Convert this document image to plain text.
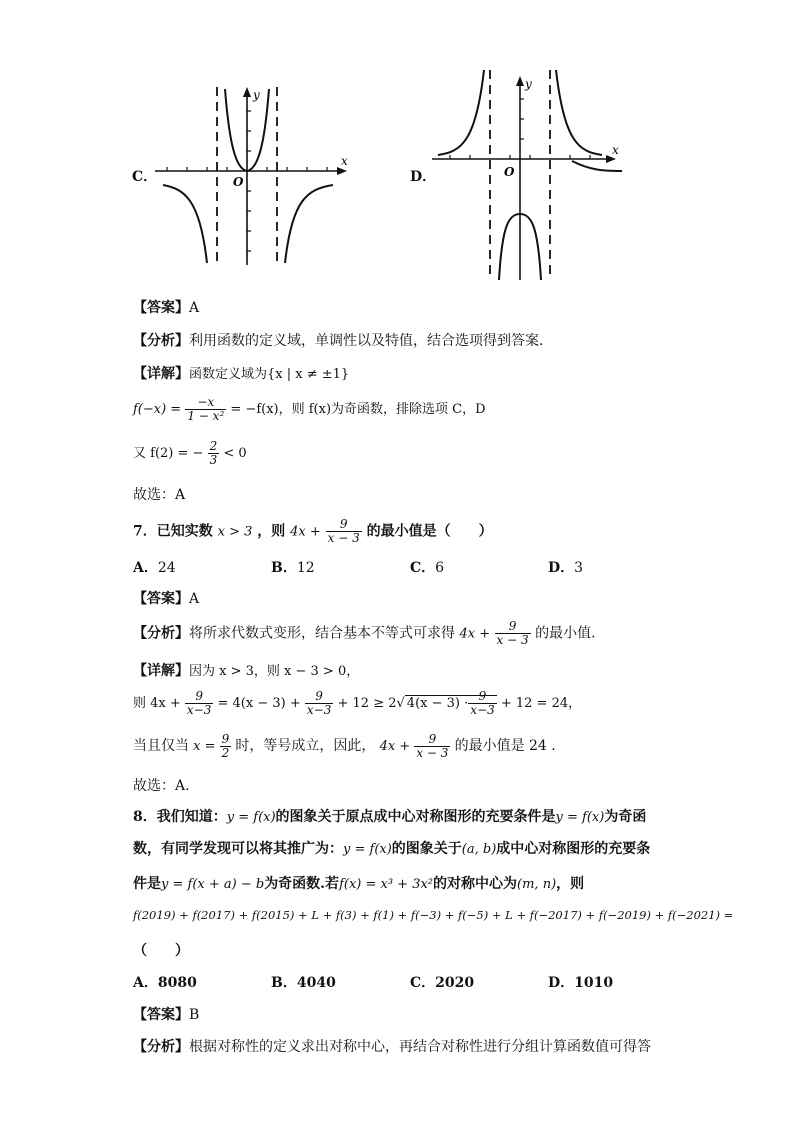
C．
x
y
O	D．
x
y
O
【答案】A
【分析】利用函数的定义域，单调性以及特值，结合选项得到答案．
【详解】函数定义域为{x | x ≠ ±1}
$f(-x) = \frac{-x}{\text{1 − x²}} = -f(x)$，则 f(x)为奇函数，排除选项 C，D
又 f(2) = − $\frac{2}{3} < 0$
故选：A
7．已知实数 x > 3 ，则 $4x + \frac{9}{x - 3}$ 的最小值是（　　）
A．24	B．12	C．6	D．3
【答案】A
【分析】将所求代数式变形，结合基本不等式可求得 $4x + \frac{9}{x - 3}$ 的最小值.
【详解】因为 x > 3，则 x − 3 > 0，
则 $4x + \frac{9}{x-3} = 4(x - 3) + \frac{9}{x-3} + 12 \ge 2√$ $4(x - 3) \cdot \frac{9}{x-3} + 12 = 24$，
当且仅当 $x = \frac{9}{2}$ 时，等号成立，因此， $4x + \frac{9}{x - 3}$ 的最小值是 24 .
故选：A.
8．我们知道：y = f(x)的图象关于原点成中心对称图形的充要条件是y = f(x)为奇函
数，有同学发现可以将其推广为：y = f(x)的图象关于(a, b)成中心对称图形的充要条
件是y = f(x + a) − b为奇函数.若f(x) = x³ + 3x²的对称中心为(m, n)，则
f(2019) + f(2017) + f(2015) + L + f(3) + f(1) + f(−3) + f(−5) + L + f(−2017) + f(−2019) + f(−2021) =
（　　）
A．8080	B．4040	C．2020	D．1010
【答案】B
【分析】根据对称性的定义求出对称中心，再结合对称性进行分组计算函数值可得答
